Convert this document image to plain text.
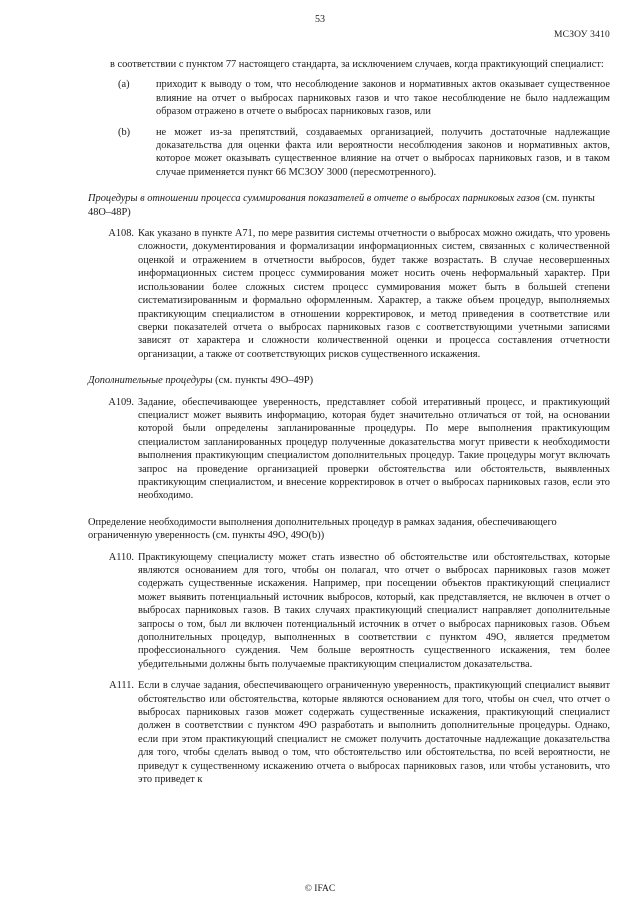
53
МСЗОУ 3410

в соответствии с пунктом 77 настоящего стандарта, за исключением случаев, когда практикующий специалист:

(a)	приходит к выводу о том, что несоблюдение законов и нормативных актов оказывает существенное влияние на отчет о выбросах парниковых газов и что такое несоблюдение не было надлежащим образом отражено в отчете о выбросах парниковых газов, или
(b)	не может из-за препятствий, создаваемых организацией, получить достаточные надлежащие доказательства для оценки факта или вероятности несоблюдения законов и нормативных актов, которое может оказывать существенное влияние на отчет о выбросах парниковых газов, и в таком случае применяется пункт 66 МСЗОУ 3000 (пересмотренного).
Процедуры в отношении процесса суммирования показателей в отчете о выбросах парниковых газов (см. пункты 48O–48P)
A108. Как указано в пункте A71, по мере развития системы отчетности о выбросах можно ожидать, что уровень сложности, документирования и формализации информационных систем, связанных с количественной оценкой и отражением в отчетности выбросов, будет также возрастать. В случае несовершенных информационных систем процесс суммирования может носить очень неформальный характер. При использовании более сложных систем процесс суммирования может быть в большей степени систематизированным и формально оформленным. Характер, а также объем процедур, выполняемых практикующим специалистом в отношении корректировок, и метод приведения в соответствие или сверки показателей отчета о выбросах парниковых газов с соответствующими учетными записями зависят от характера и сложности количественной оценки и процесса составления отчетности организации, а также от соответствующих рисков существенного искажения.
Дополнительные процедуры (см. пункты 49O–49P)
A109. Задание, обеспечивающее уверенность, представляет собой итеративный процесс, и практикующий специалист может выявить информацию, которая будет значительно отличаться от той, на основании которой были определены запланированные процедуры. По мере выполнения практикующим специалистом запланированных процедур полученные доказательства могут привести к необходимости выполнения практикующим специалистом дополнительных процедур. Такие процедуры могут включать запрос на проведение организацией проверки обстоятельства или обстоятельств, выявленных практикующим специалистом, и внесение корректировок в отчет о выбросах парниковых газов, если это необходимо.
Определение необходимости выполнения дополнительных процедур в рамках задания, обеспечивающего ограниченную уверенность (см. пункты 49O, 49O(b))
A110. Практикующему специалисту может стать известно об обстоятельстве или обстоятельствах, которые являются основанием для того, чтобы он полагал, что отчет о выбросах парниковых газов может содержать существенные искажения. Например, при посещении объектов практикующий специалист может выявить потенциальный источник выбросов, который, как представляется, не включен в отчет о выбросах парниковых газов. В таких случаях практикующий специалист направляет дополнительные запросы о том, был ли включен потенциальный источник в отчет о выбросах парниковых газов. Объем дополнительных процедур, выполненных в соответствии с пунктом 49O, является предметом профессионального суждения. Чем больше вероятность существенного искажения, тем более убедительными должны быть получаемые практикующим специалистом доказательства.
A111. Если в случае задания, обеспечивающего ограниченную уверенность, практикующий специалист выявит обстоятельство или обстоятельства, которые являются основанием для того, чтобы он счел, что отчет о выбросах парниковых газов может содержать существенные искажения, практикующий специалист должен в соответствии с пунктом 49O разработать и выполнить дополнительные процедуры. Однако, если при этом практикующий специалист не сможет получить достаточные надлежащие доказательства для того, чтобы сделать вывод о том, что обстоятельство или обстоятельства, по всей вероятности, не приведут к существенному искажению отчета о выбросах парниковых газов, или чтобы установить, что это приведет к
© IFAC
